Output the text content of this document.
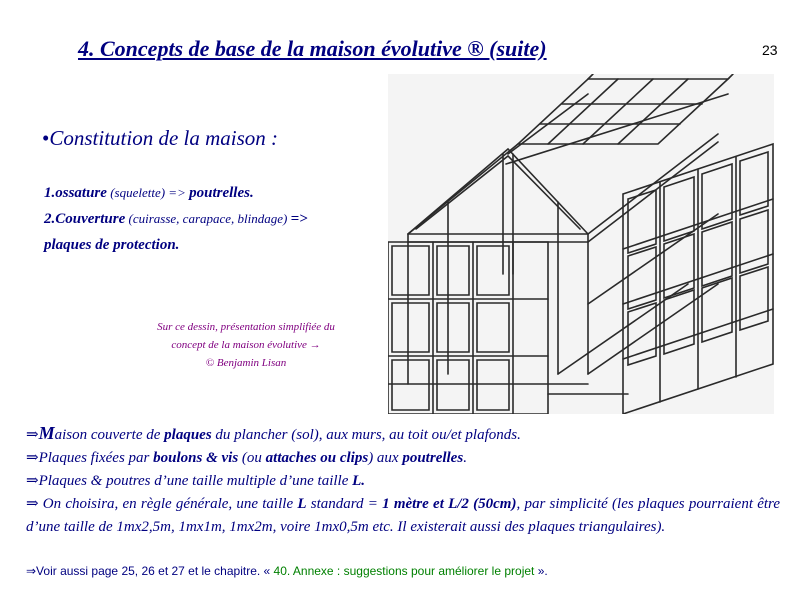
4. Concepts de base de la maison évolutive ® (suite)	23
•Constitution de la maison :
1.ossature (squelette) => poutrelles.
2.Couverture (cuirasse, carapace, blindage) =>
plaques de protection.
Sur ce dessin, présentation simplifiée du
concept de la maison évolutive →
© Benjamin Lisan

⇒Maison couverte de plaques du plancher (sol), aux murs, au toit ou/et plafonds.

⇒Plaques fixées par boulons & vis (ou attaches ou clips) aux poutrelles.

⇒Plaques & poutres d’une taille multiple d’une taille L.

⇒ On choisira, en règle générale, une taille L standard = 1 mètre et L/2 (50cm), par simplicité (les plaques pourraient être d’une taille de 1mx2,5m, 1mx1m, 1mx2m, voire 1mx0,5m etc. Il existerait aussi des plaques triangulaires).

⇒Voir aussi page 25, 26 et 27 et le chapitre. « 40. Annexe : suggestions pour améliorer le projet ».
